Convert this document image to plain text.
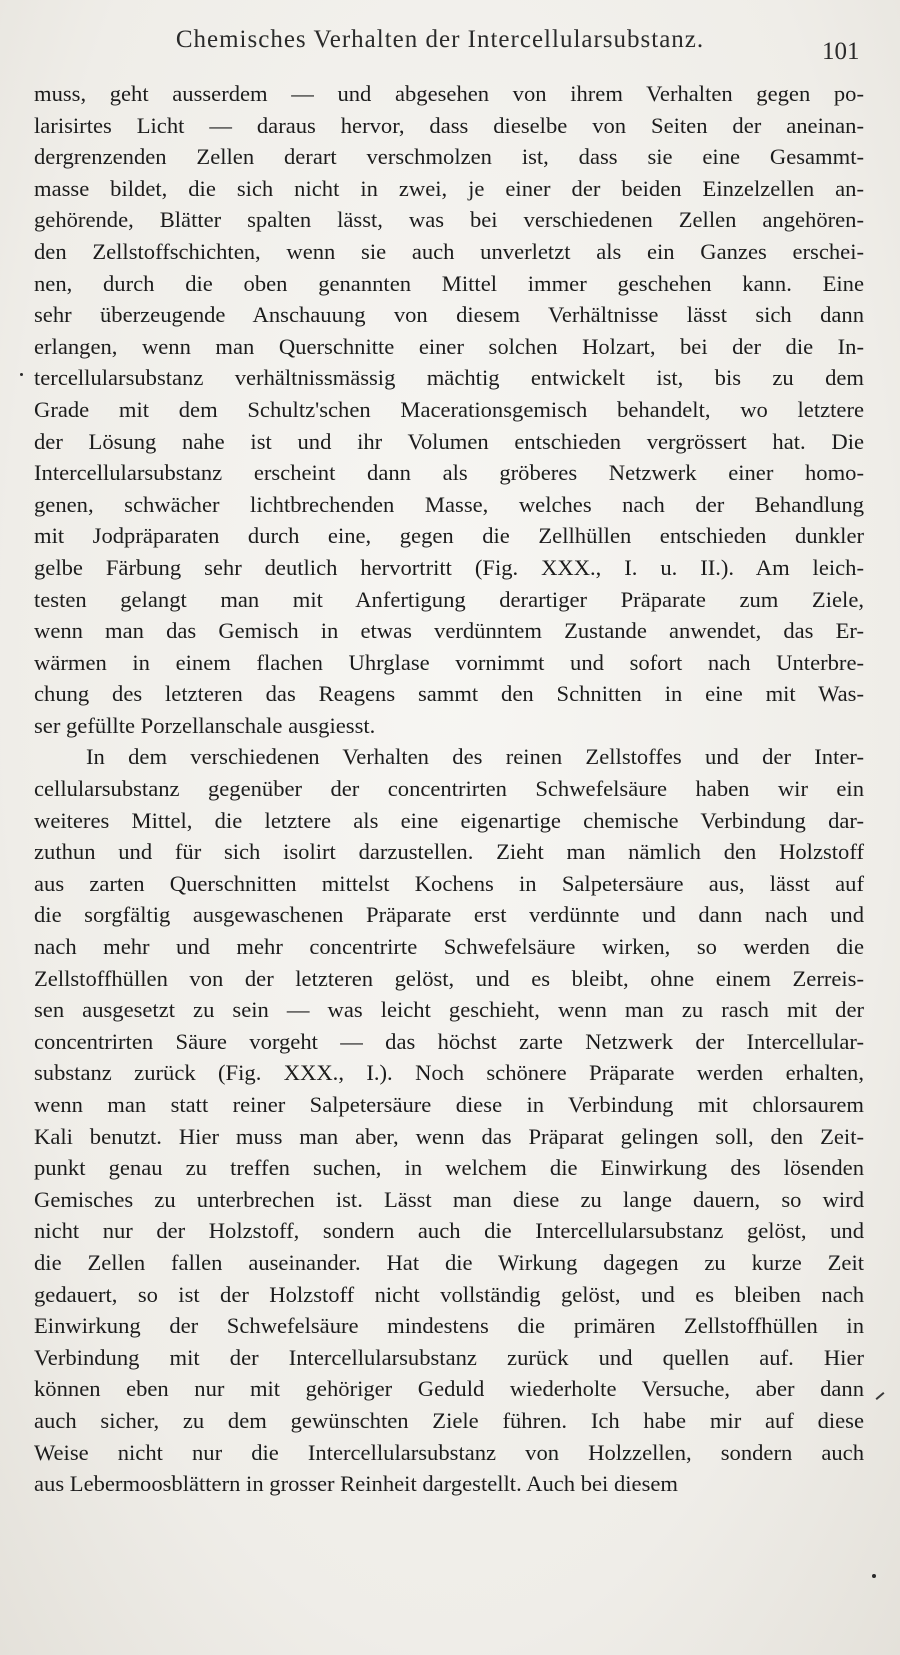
Chemisches Verhalten der Intercellularsubstanz.	101
muss, geht ausserdem — und abgesehen von ihrem Verhalten gegen po-
larisirtes Licht — daraus hervor, dass dieselbe von Seiten der aneinan-
dergrenzenden Zellen derart verschmolzen ist, dass sie eine Gesammt-
masse bildet, die sich nicht in zwei, je einer der beiden Einzelzellen an-
gehörende, Blätter spalten lässt, was bei verschiedenen Zellen angehören-
den Zellstoffschichten, wenn sie auch unverletzt als ein Ganzes erschei-
nen, durch die oben genannten Mittel immer geschehen kann. Eine
sehr überzeugende Anschauung von diesem Verhältnisse lässt sich dann
erlangen, wenn man Querschnitte einer solchen Holzart, bei der die In-
tercellularsubstanz verhältnissmässig mächtig entwickelt ist, bis zu dem
Grade mit dem Schultz'schen Macerationsgemisch behandelt, wo letztere
der Lösung nahe ist und ihr Volumen entschieden vergrössert hat. Die
Intercellularsubstanz erscheint dann als gröberes Netzwerk einer homo-
genen, schwächer lichtbrechenden Masse, welches nach der Behandlung
mit Jodpräparaten durch eine, gegen die Zellhüllen entschieden dunkler
gelbe Färbung sehr deutlich hervortritt (Fig. XXX., I. u. II.). Am leich-
testen gelangt man mit Anfertigung derartiger Präparate zum Ziele,
wenn man das Gemisch in etwas verdünntem Zustande anwendet, das Er-
wärmen in einem flachen Uhrglase vornimmt und sofort nach Unterbre-
chung des letzteren das Reagens sammt den Schnitten in eine mit Was-
ser gefüllte Porzellanschale ausgiesst.
In dem verschiedenen Verhalten des reinen Zellstoffes und der Inter-
cellularsubstanz gegenüber der concentrirten Schwefelsäure haben wir ein
weiteres Mittel, die letztere als eine eigenartige chemische Verbindung dar-
zuthun und für sich isolirt darzustellen. Zieht man nämlich den Holzstoff
aus zarten Querschnitten mittelst Kochens in Salpetersäure aus, lässt auf
die sorgfältig ausgewaschenen Präparate erst verdünnte und dann nach und
nach mehr und mehr concentrirte Schwefelsäure wirken, so werden die
Zellstoffhüllen von der letzteren gelöst, und es bleibt, ohne einem Zerreis-
sen ausgesetzt zu sein — was leicht geschieht, wenn man zu rasch mit der
concentrirten Säure vorgeht — das höchst zarte Netzwerk der Intercellular-
substanz zurück (Fig. XXX., I.). Noch schönere Präparate werden erhalten,
wenn man statt reiner Salpetersäure diese in Verbindung mit chlorsaurem
Kali benutzt. Hier muss man aber, wenn das Präparat gelingen soll, den Zeit-
punkt genau zu treffen suchen, in welchem die Einwirkung des lösenden
Gemisches zu unterbrechen ist. Lässt man diese zu lange dauern, so wird
nicht nur der Holzstoff, sondern auch die Intercellularsubstanz gelöst, und
die Zellen fallen auseinander. Hat die Wirkung dagegen zu kurze Zeit
gedauert, so ist der Holzstoff nicht vollständig gelöst, und es bleiben nach
Einwirkung der Schwefelsäure mindestens die primären Zellstoffhüllen in
Verbindung mit der Intercellularsubstanz zurück und quellen auf. Hier
können eben nur mit gehöriger Geduld wiederholte Versuche, aber dann
auch sicher, zu dem gewünschten Ziele führen. Ich habe mir auf diese
Weise nicht nur die Intercellularsubstanz von Holzzellen, sondern auch
aus Lebermoosblättern in grosser Reinheit dargestellt. Auch bei diesem
